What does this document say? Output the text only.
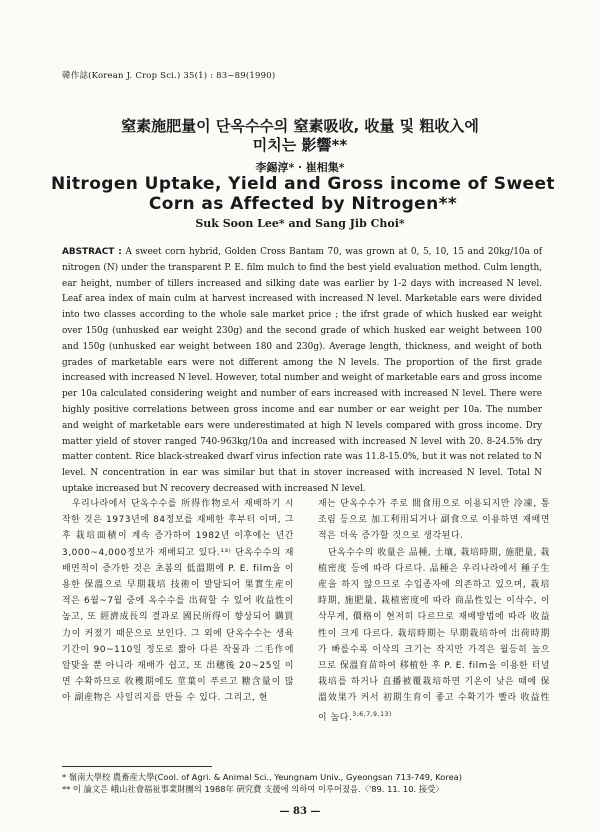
韓作誌(Korean J. Crop Sci.) 35(1) : 83~89(1990)
窒素施肥量이 단옥수수의 窒素吸收, 收量 및 粗收入에
미치는 影響**
李錫淳* · 崔相集*
Nitrogen Uptake, Yield and Gross income of Sweet Corn as Affected by Nitrogen**
Suk Soon Lee* and Sang Jib Choi*
ABSTRACT : A sweet corn hybrid, Golden Cross Bantam 70, was grown at 0, 5, 10, 15 and 20kg/10a of nitrogen (N) under the transparent P. E. film mulch to find the best yield evaluation method. Culm length, ear height, number of tillers increased and silking date was earlier by 1-2 days with increased N level. Leaf area index of main culm at harvest increased with increased N level. Marketable ears were divided into two classes according to the whole sale market price ; the ifrst grade of which husked ear weight over 150g (unhusked ear weight 230g) and the second grade of which husked ear weight between 100 and 150g (unhusked ear weight between 180 and 230g). Average length, thickness, and weight of both grades of marketable ears were not different among the N levels. The proportion of the first grade increased with increased N level. However, total number and weight of marketable ears and gross income per 10a calculated considering weight and number of ears increased with increased N level. There were highly positive correlations between gross income and ear number or ear weight per 10a. The number and weight of marketable ears were underestimated at high N levels compared with gross income. Dry matter yield of stover ranged 740-963kg/10a and increased with increased N level with 20. 8-24.5% dry matter content. Rice black-streaked dwarf virus infection rate was 11.8-15.0%, but it was not related to N level. N concentration in ear was similar but that in stover increased with increased N level. Total N uptake increased but N recovery decreased with increased N level.

우리나라에서 단옥수수를 所得作物로서 재배하기 시작한 것은 1973년에 84정보를 재배한 후부터 이며, 그 후 栽培面積이 계속 증가하여 1982년 이후에는 년간 3,000~4,000정보가 재배되고 있다.¹³⁾ 단옥수수의 재배면적이 증가한 것은 초봄의 低溫期에 P. E. film을 이용한 保溫으로 早期栽培 技術이 발달되어 果實生産이 적은 6월~7월 중에 옥수수를 出荷할 수 있어 收益性이 높고, 또 經濟成長의 결과로 國民所得이 향상되어 購買力이 커졌기 때문으로 보인다. 그 외에 단옥수수는 생육기간이 90~110일 정도로 짧아 다른 작물과 二毛作에 알맞을 뿐 아니라 재배가 쉽고, 또 出穗後 20~25일 이면 수확하므로 收穫期에도 莖葉이 푸르고 糖含量이 많아 副産物은 사일리지를 만들 수 있다. 그리고, 현

재는 단옥수수가 주로 間食用으로 이용되지만 冷凍, 통조림 등으로 加工利用되거나 副食으로 이용하면 재배면적은 더욱 증가할 것으로 생각된다.

단옥수수의 收量은 品種, 土壤, 栽培時期, 施肥量, 栽植密度 등에 따라 다르다. 品種은 우리나라에서 種子生産을 하지 않으므로 수입종자에 의존하고 있으며, 栽培時期, 施肥量, 栽植密度에 따라 商品性있는 이삭수, 이삭무게, 價格이 현저히 다르므로 재배방법에 따라 收益性이 크게 다르다. 栽培時期는 早期栽培하여 出荷時期가 빠를수록 이삭의 크기는 작지만 가격은 월등히 높으므로 保溫育苗하여 移植한 후 P. E. film을 이용한 터널栽培를 하거나 直播被覆栽培하면 기온이 낮은 때에 保溫效果가 커서 初期生育이 좋고 수확기가 빨라 收益性이 높다.$^{3,6,7,9,13)}$

* 嶺南大學校 農畜産大學(Cool. of Agri. & Animal Sci., Yeungnam Univ., Gyeongsan 713-749, Korea)
** 이 論文은 峨山社會福祉事業財團의 1988年 硏究費 支援에 의하여 이루어졌음.〈'89. 11. 10. 接受〉
— 83 —
